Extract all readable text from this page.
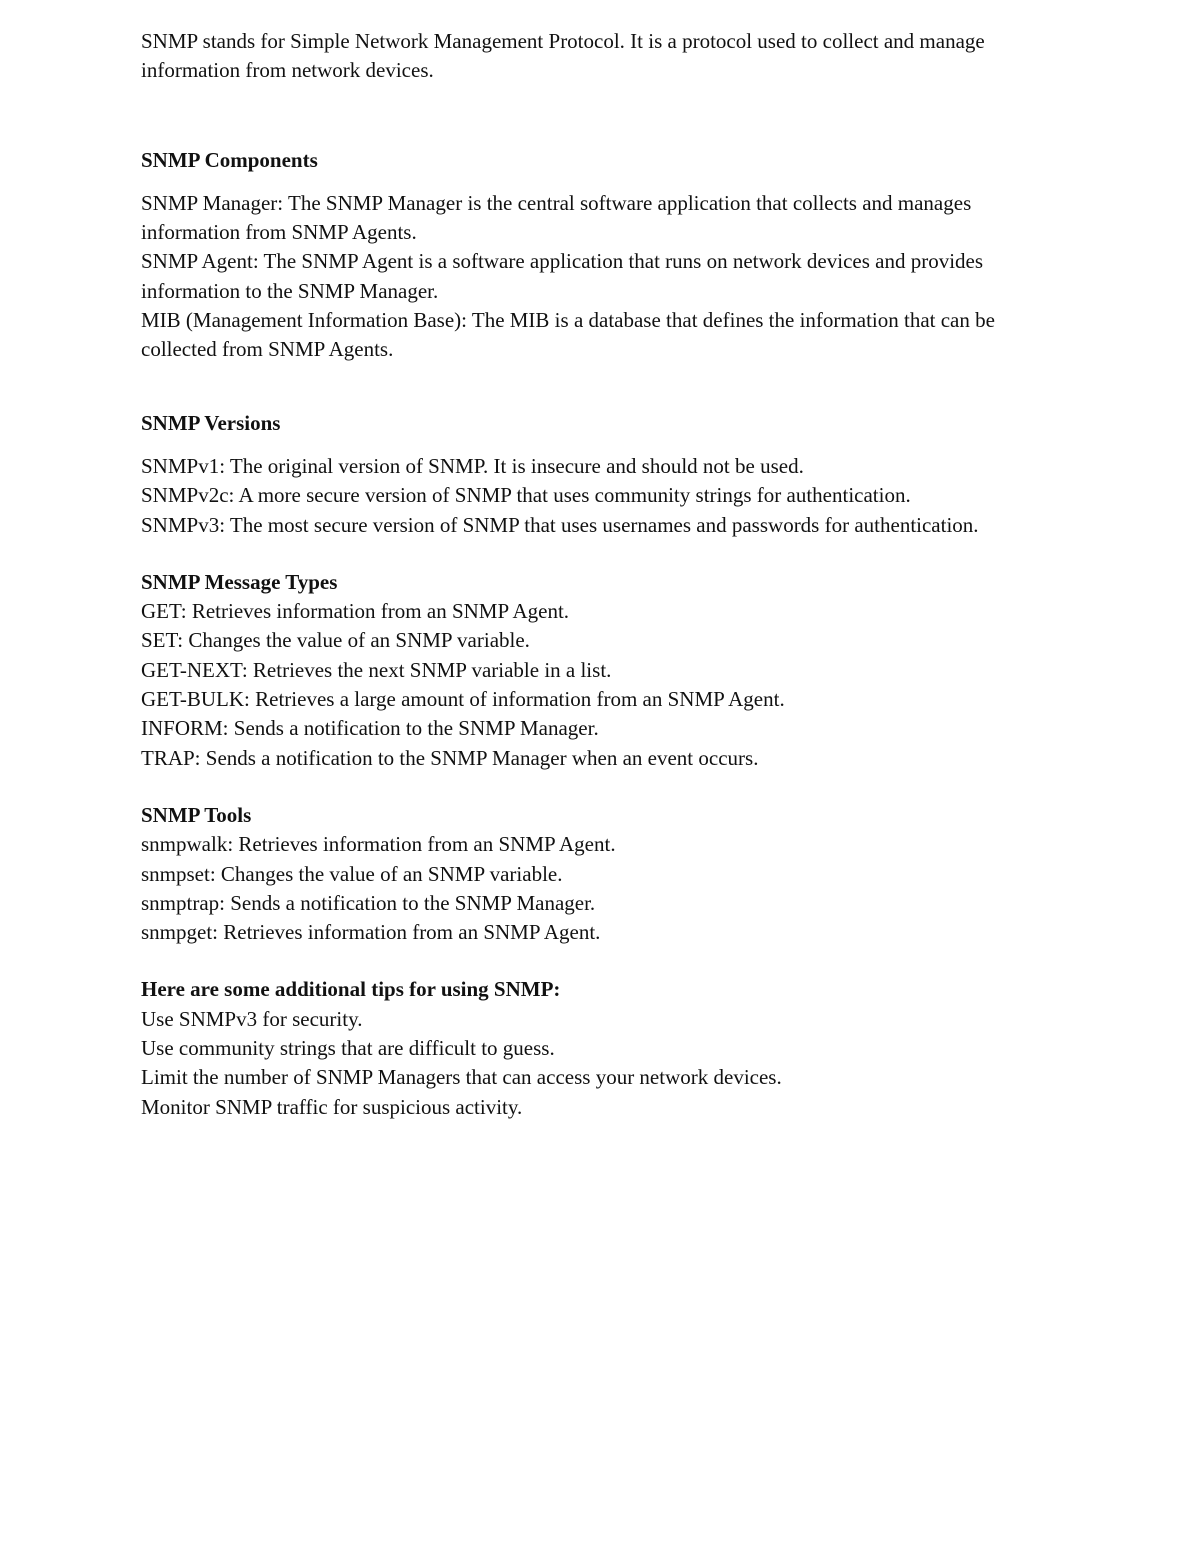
SNMP stands for Simple Network Management Protocol. It is a protocol used to collect and manage information from network devices.

SNMP Components

SNMP Manager: The SNMP Manager is the central software application that collects and manages information from SNMP Agents.
SNMP Agent: The SNMP Agent is a software application that runs on network devices and provides information to the SNMP Manager.
MIB (Management Information Base): The MIB is a database that defines the information that can be collected from SNMP Agents.

SNMP Versions

SNMPv1: The original version of SNMP. It is insecure and should not be used.
SNMPv2c: A more secure version of SNMP that uses community strings for authentication.
SNMPv3: The most secure version of SNMP that uses usernames and passwords for authentication.

SNMP Message Types

GET: Retrieves information from an SNMP Agent.
SET: Changes the value of an SNMP variable.
GET-NEXT: Retrieves the next SNMP variable in a list.
GET-BULK: Retrieves a large amount of information from an SNMP Agent.
INFORM: Sends a notification to the SNMP Manager.
TRAP: Sends a notification to the SNMP Manager when an event occurs.

SNMP Tools

snmpwalk: Retrieves information from an SNMP Agent.
snmpset: Changes the value of an SNMP variable.
snmptrap: Sends a notification to the SNMP Manager.
snmpget: Retrieves information from an SNMP Agent.

Here are some additional tips for using SNMP:

Use SNMPv3 for security.
Use community strings that are difficult to guess.
Limit the number of SNMP Managers that can access your network devices.
Monitor SNMP traffic for suspicious activity.
